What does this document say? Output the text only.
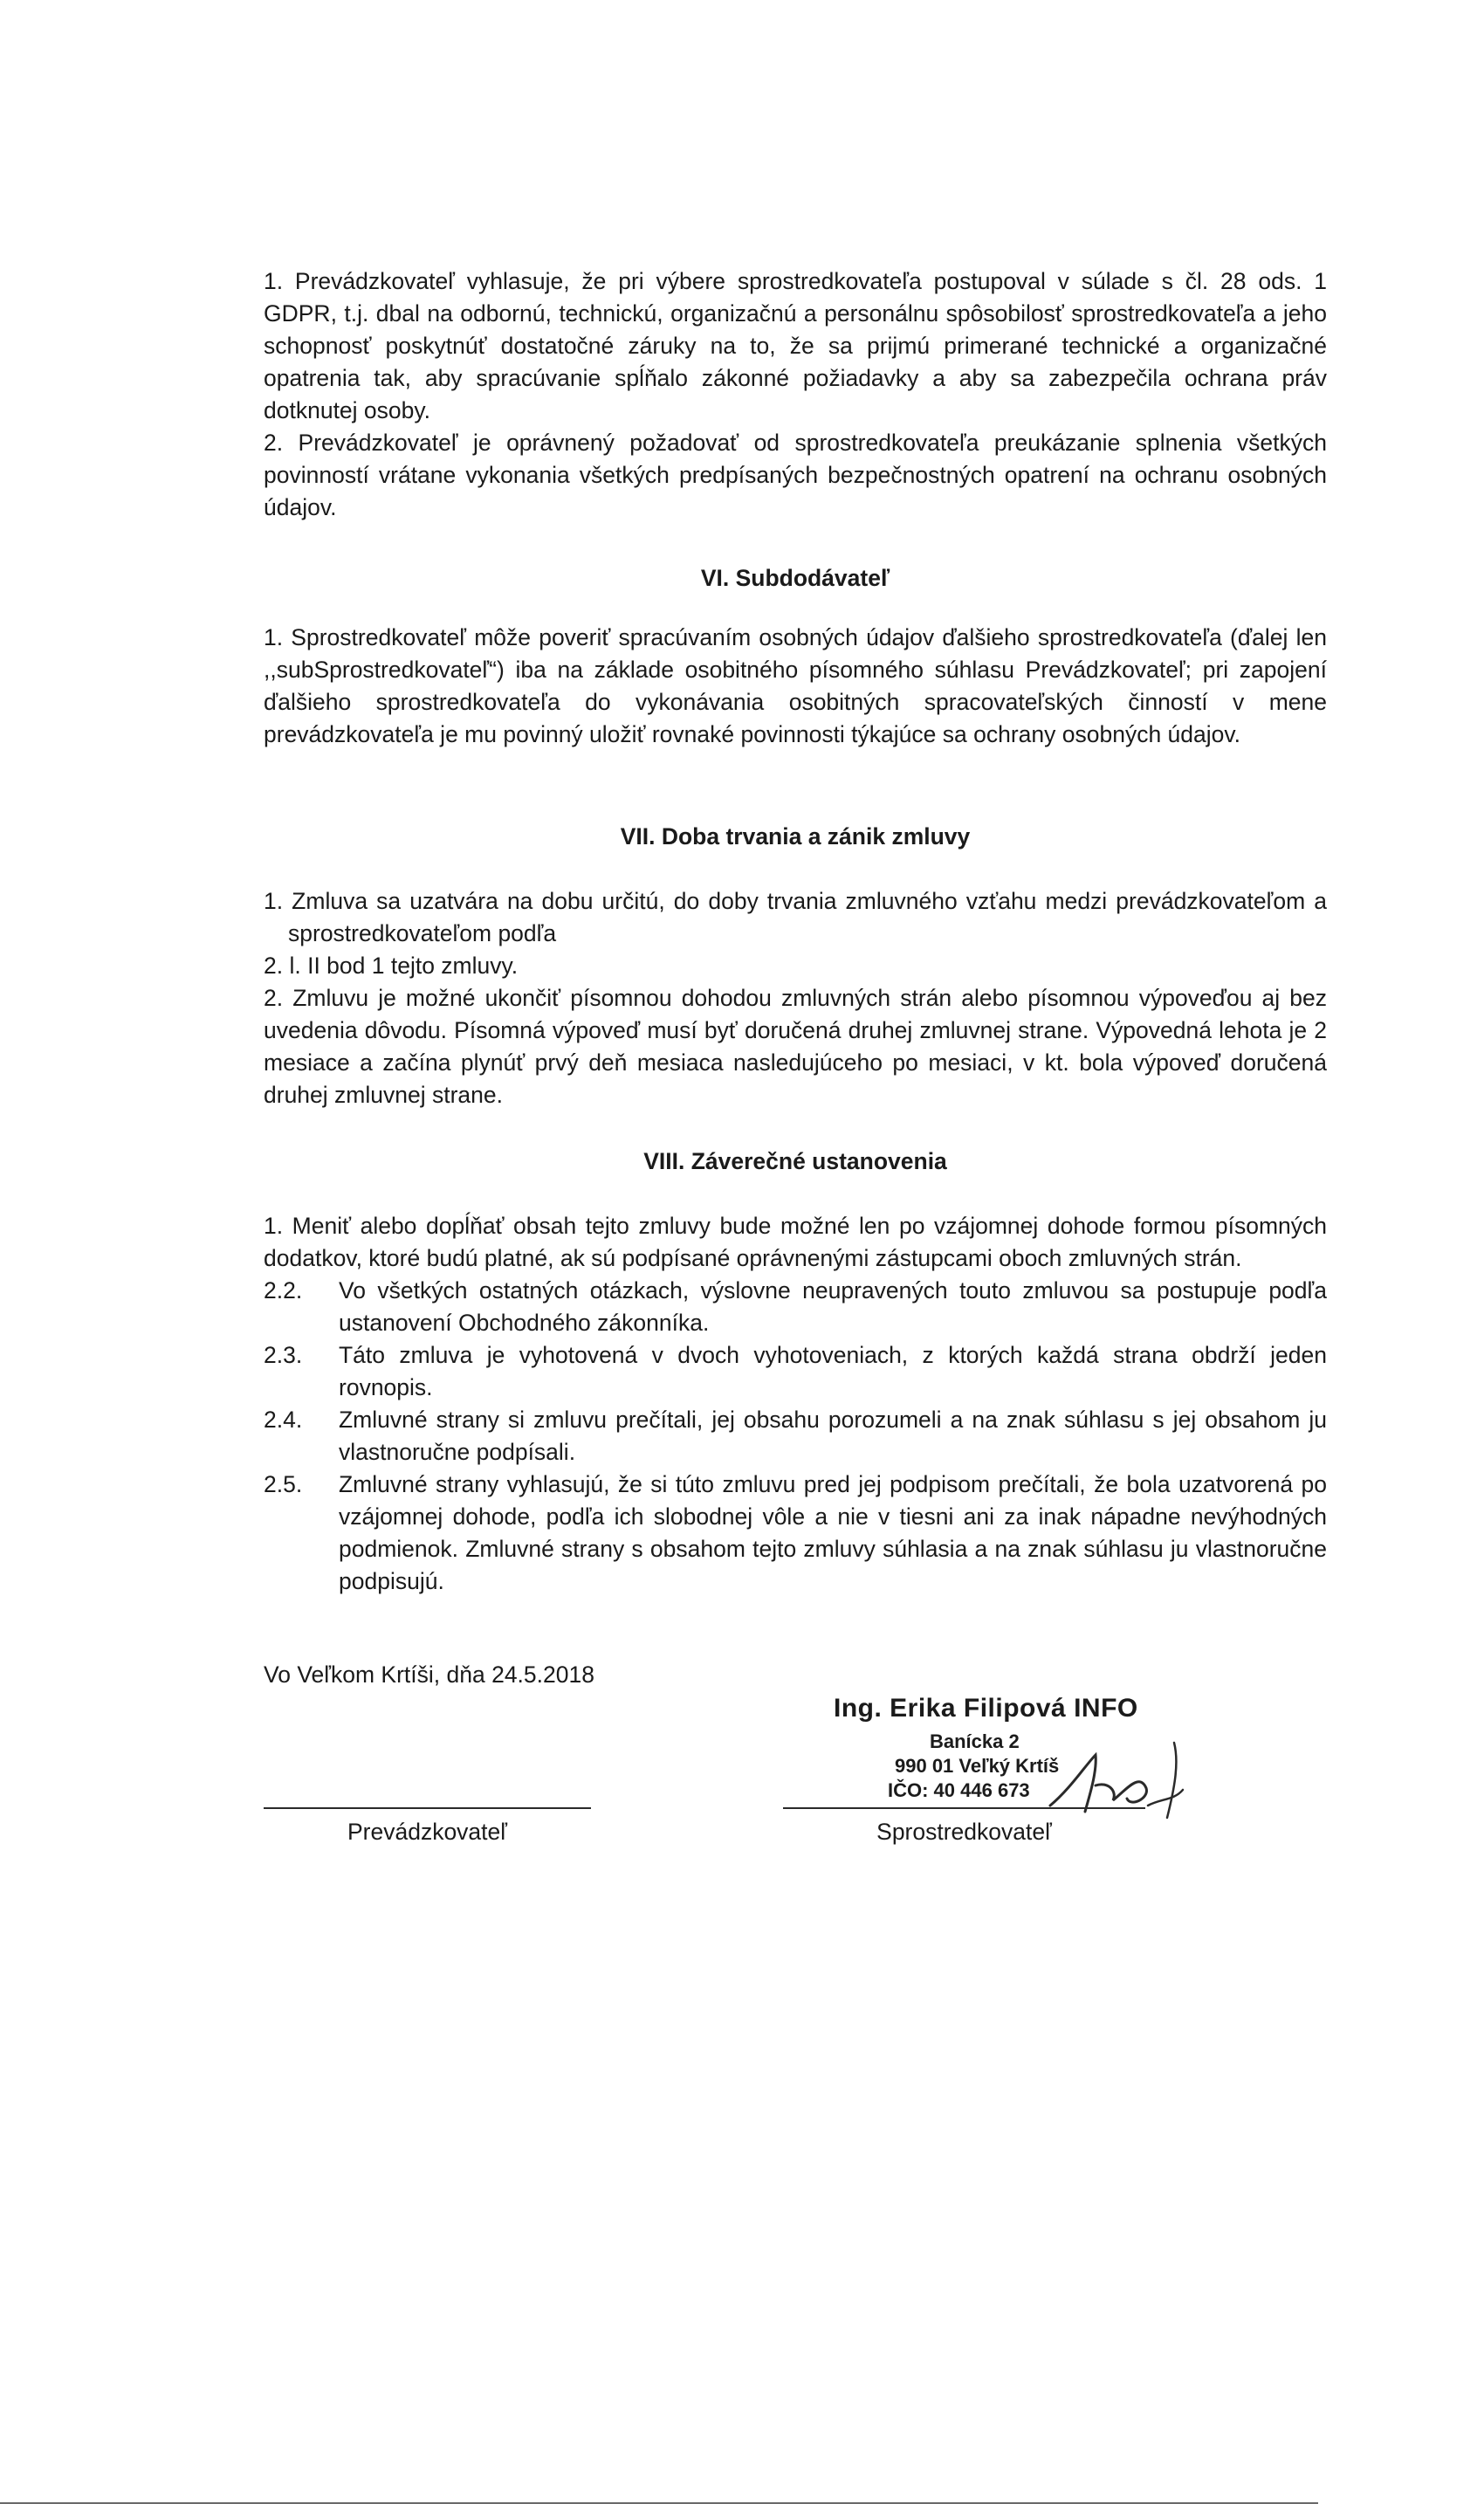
1. Prevádzkovateľ vyhlasuje, že pri výbere sprostredkovateľa postupoval v súlade s čl. 28 ods. 1 GDPR, t.j. dbal na odbornú, technickú, organizačnú a personálnu spôsobilosť sprostredkovateľa a jeho schopnosť poskytnúť dostatočné záruky na to, že sa prijmú primerané technické a organizačné opatrenia tak, aby spracúvanie spĺňalo zákonné požiadavky a aby sa zabezpečila ochrana práv dotknutej osoby.

2. Prevádzkovateľ je oprávnený požadovať od sprostredkovateľa preukázanie splnenia všetkých povinností vrátane vykonania všetkých predpísaných bezpečnostných opatrení na ochranu osobných údajov.

VI. Subdodávateľ

1. Sprostredkovateľ môže poveriť spracúvaním osobných údajov ďalšieho sprostredkovateľa (ďalej len ,,subSprostredkovateľ“) iba na základe osobitného písomného súhlasu Prevádzkovateľ; pri zapojení ďalšieho sprostredkovateľa do vykonávania osobitných spracovateľských činností v mene prevádzkovateľa je mu povinný uložiť rovnaké povinnosti týkajúce sa ochrany osobných údajov.

VII. Doba trvania a zánik zmluvy

1. Zmluva sa uzatvára na dobu určitú, do doby trvania zmluvného vzťahu medzi prevádzkovateľom a sprostredkovateľom podľa

2. l. II bod 1 tejto zmluvy.

2. Zmluvu je možné ukončiť písomnou dohodou zmluvných strán alebo písomnou výpoveďou aj bez uvedenia dôvodu. Písomná výpoveď musí byť doručená druhej zmluvnej strane. Výpovedná lehota je 2 mesiace a začína plynúť prvý deň mesiaca nasledujúceho po mesiaci, v kt. bola výpoveď doručená druhej zmluvnej strane.

VIII. Záverečné ustanovenia

1. Meniť alebo dopĺňať obsah tejto zmluvy bude možné len po vzájomnej dohode formou písomných dodatkov, ktoré budú platné, ak sú podpísané oprávnenými zástupcami oboch zmluvných strán.

2.2.	Vo všetkých ostatných otázkach, výslovne neupravených touto zmluvou sa postupuje podľa ustanovení Obchodného zákonníka.
2.3.	Táto zmluva je vyhotovená v dvoch vyhotoveniach, z ktorých každá strana obdrží jeden rovnopis.
2.4.	Zmluvné strany si zmluvu prečítali, jej obsahu porozumeli a na znak súhlasu s jej obsahom ju vlastnoručne podpísali.
2.5.	Zmluvné strany vyhlasujú, že si túto zmluvu pred jej podpisom prečítali, že bola uzatvorená po vzájomnej dohode, podľa ich slobodnej vôle a nie v tiesni ani za inak nápadne nevýhodných podmienok. Zmluvné strany s obsahom tejto zmluvy súhlasia a na znak súhlasu ju vlastnoručne podpisujú.
Vo Veľkom Krtíši, dňa 24.5.2018
Ing. Erika Filipová INFO
Banícka 2
990 01 Veľký Krtíš
IČO: 40 446 673
Prevádzkovateľ	Sprostredkovateľ
